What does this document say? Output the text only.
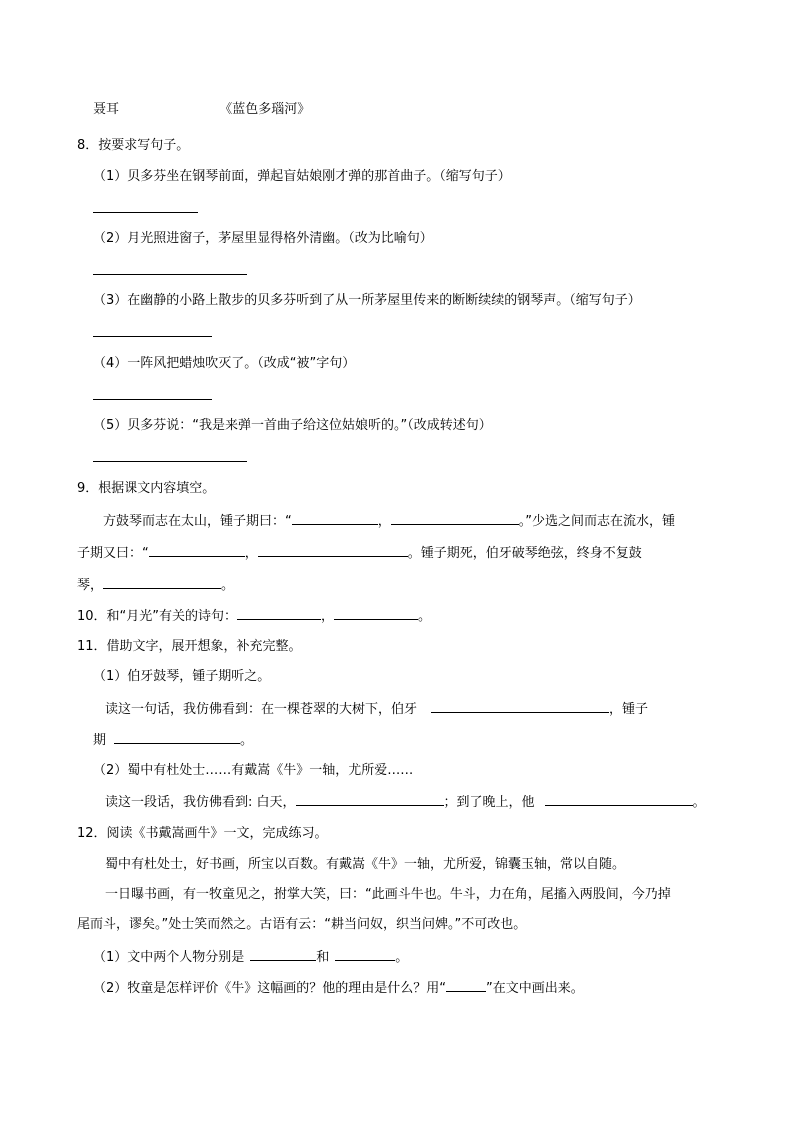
聂耳	《蓝色多瑙河》
8．按要求写句子。
（1）贝多芬坐在钢琴前面，弹起盲姑娘刚才弹的那首曲子。（缩写句子）
（2）月光照进窗子，茅屋里显得格外清幽。（改为比喻句）
（3）在幽静的小路上散步的贝多芬听到了从一所茅屋里传来的断断续续的钢琴声。（缩写句子）
（4）一阵风把蜡烛吹灭了。（改成“被”字句）
（5）贝多芬说：“我是来弹一首曲子给这位姑娘听的。”（改成转述句）
9．根据课文内容填空。
方鼓琴而志在太山，锺子期曰：“	，	。”少选之间而志在流水，锺
子期又曰：“	，	。锺子期死，伯牙破琴绝弦，终身不复鼓
琴，	。
10．和“月光”有关的诗句：	，	。
11．借助文字，展开想象，补充完整。
（1）伯牙鼓琴，锺子期听之。
读这一句话，我仿佛看到：在一棵苍翠的大树下，伯牙	，锺子
期	。
（2）蜀中有杜处士……有戴嵩《牛》一轴，尤所爱……
读这一段话，我仿佛看到: 白天，	；到了晚上，他	。
12．阅读《书戴嵩画牛》一文，完成练习。
蜀中有杜处士，好书画，所宝以百数。有戴嵩《牛》一轴，尤所爱，锦囊玉轴，常以自随。
一日曝书画，有一牧童见之，拊掌大笑，曰：“此画斗牛也。牛斗，力在角，尾搐入两股间，今乃掉
尾而斗，谬矣。”处士笑而然之。古语有云：“耕当问奴，织当问婢。”不可改也。
（1）文中两个人物分别是	和	。
（2）牧童是怎样评价《牛》这幅画的？他的理由是什么？用“	”在文中画出来。
